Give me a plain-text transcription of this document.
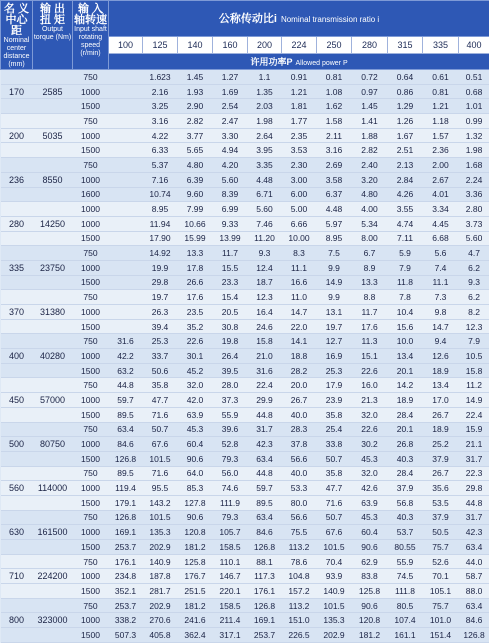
名 义 中心距
Nominal center distance (mm)	输 出 扭 矩
Output torque (Nm)	输 入 轴转速
Input shaft rotating speed (r/min)	公称传动比i Nominal transmission ratio i										
			100	125	140	160	200	224	250	280	315	335	400
			许用功率P Allowed power P										
		750		1.623	1.45	1.27	1.1	0.91	0.81	0.72	0.64	0.61	0.51
170	2585	1000		2.16	1.93	1.69	1.35	1.21	1.08	0.97	0.86	0.81	0.68
		1500		3.25	2.90	2.54	2.03	1.81	1.62	1.45	1.29	1.21	1.01
		750		3.16	2.82	2.47	1.98	1.77	1.58	1.41	1.26	1.18	0.99
200	5035	1000		4.22	3.77	3.30	2.64	2.35	2.11	1.88	1.67	1.57	1.32
		1500		6.33	5.65	4.94	3.95	3.53	3.16	2.82	2.51	2.36	1.98
		750		5.37	4.80	4.20	3.35	2.30	2.69	2.40	2.13	2.00	1.68
236	8550	1000		7.16	6.39	5.60	4.48	3.00	3.58	3.20	2.84	2.67	2.24
		1600		10.74	9.60	8.39	6.71	6.00	6.37	4.80	4.26	4.01	3.36
		1000		8.95	7.99	6.99	5.60	5.00	4.48	4.00	3.55	3.34	2.80
280	14250	1000		11.94	10.66	9.33	7.46	6.66	5.97	5.34	4.74	4.45	3.73
		1500		17.90	15.99	13.99	11.20	10.00	8.95	8.00	7.11	6.68	5.60
		750		14.92	13.3	11.7	9.3	8.3	7.5	6.7	5.9	5.6	4.7
335	23750	1000		19.9	17.8	15.5	12.4	11.1	9.9	8.9	7.9	7.4	6.2
		1500		29.8	26.6	23.3	18.7	16.6	14.9	13.3	11.8	11.1	9.3
		750		19.7	17.6	15.4	12.3	11.0	9.9	8.8	7.8	7.3	6.2
370	31380	1000		26.3	23.5	20.5	16.4	14.7	13.1	11.7	10.4	9.8	8.2
		1500		39.4	35.2	30.8	24.6	22.0	19.7	17.6	15.6	14.7	12.3
		750	31.6	25.3	22.6	19.8	15.8	14.1	12.7	11.3	10.0	9.4	7.9
400	40280	1000	42.2	33.7	30.1	26.4	21.0	18.8	16.9	15.1	13.4	12.6	10.5
		1500	63.2	50.6	45.2	39.5	31.6	28.2	25.3	22.6	20.1	18.9	15.8
		750	44.8	35.8	32.0	28.0	22.4	20.0	17.9	16.0	14.2	13.4	11.2
450	57000	1000	59.7	47.7	42.0	37.3	29.9	26.7	23.9	21.3	18.9	17.0	14.9
		1500	89.5	71.6	63.9	55.9	44.8	40.0	35.8	32.0	28.4	26.7	22.4
		750	63.4	50.7	45.3	39.6	31.7	28.3	25.4	22.6	20.1	18.9	15.9
500	80750	1000	84.6	67.6	60.4	52.8	42.3	37.8	33.8	30.2	26.8	25.2	21.1
		1500	126.8	101.5	90.6	79.3	63.4	56.6	50.7	45.3	40.3	37.9	31.7
		750	89.5	71.6	64.0	56.0	44.8	40.0	35.8	32.0	28.4	26.7	22.3
560	114000	1000	119.4	95.5	85.3	74.6	59.7	53.3	47.7	42.6	37.9	35.6	29.8
		1500	179.1	143.2	127.8	111.9	89.5	80.0	71.6	63.9	56.8	53.5	44.8
		750	126.8	101.5	90.6	79.3	63.4	56.6	50.7	45.3	40.3	37.9	31.7
630	161500	1000	169.1	135.3	120.8	105.7	84.6	75.5	67.6	60.4	53.7	50.5	42.3
		1500	253.7	202.9	181.2	158.5	126.8	113.2	101.5	90.6	80.55	75.7	63.4
		750	176.1	140.9	125.8	110.1	88.1	78.6	70.4	62.9	55.9	52.6	44.0
710	224200	1000	234.8	187.8	176.7	146.7	117.3	104.8	93.9	83.8	74.5	70.1	58.7
		1500	352.1	281.7	251.5	220.1	176.1	157.2	140.9	125.8	111.8	105.1	88.0
		750	253.7	202.9	181.2	158.5	126.8	113.2	101.5	90.6	80.5	75.7	63.4
800	323000	1000	338.2	270.6	241.6	211.4	169.1	151.0	135.3	120.8	107.4	101.0	84.6
		1500	507.3	405.8	362.4	317.1	253.7	226.5	202.9	181.2	161.1	151.4	126.8
